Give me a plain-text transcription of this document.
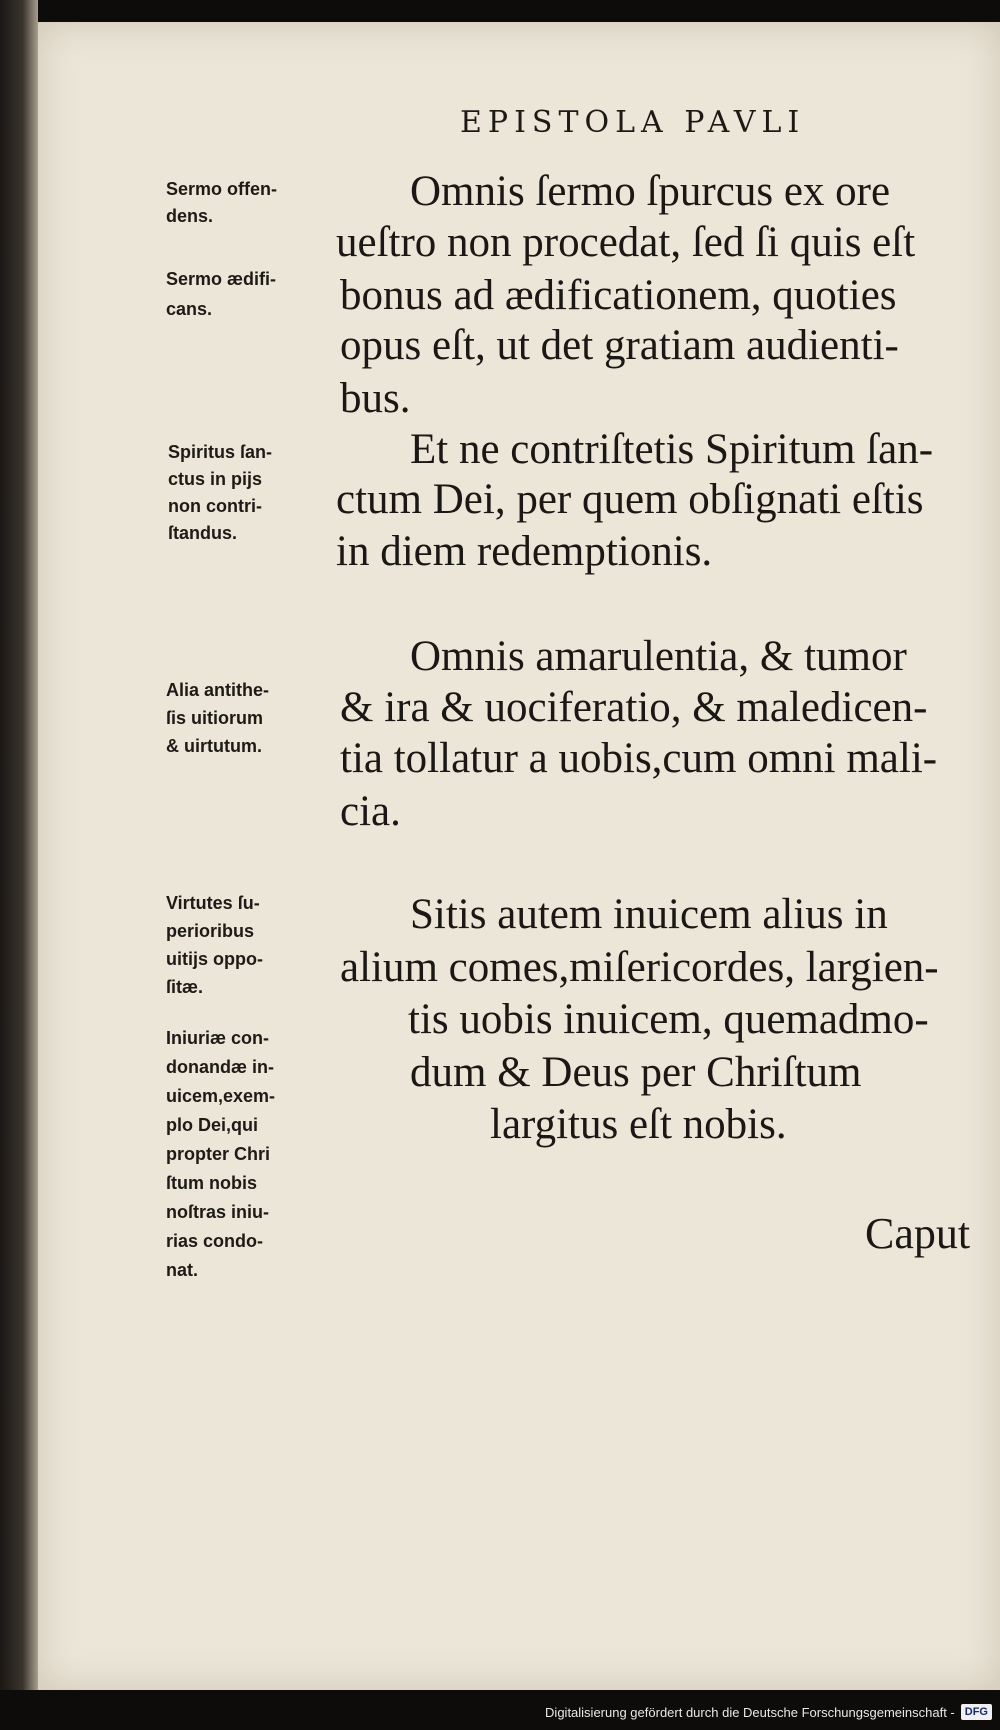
EPISTOLA PAVLI
Omnis ſermo ſpurcus ex ore
ueſtro non procedat, ſed ſi quis eſt
bonus ad ædificationem, quoties
opus eſt, ut det gratiam audienti-
bus.
Et ne contriſtetis Spiritum ſan-
ctum Dei, per quem obſignati eſtis
in diem redemptionis.
Omnis amarulentia, & tumor
& ira & uociferatio, & maledicen-
tia tollatur a uobis,cum omni mali-
cia.
Sitis autem inuicem alius in
alium comes,miſericordes, largien-
tis uobis inuicem, quemadmo-
dum & Deus per Chriſtum
largitus eſt nobis.
Caput
Sermo offen-
dens.
Sermo ædifi-
cans.
Spiritus ſan-
ctus in pijs
non contri-
ſtandus.
Alia antithe-
ſis uitiorum
& uirtutum.
Virtutes ſu-
perioribus
uitijs oppo-
ſitæ.
Iniuriæ con-
donandæ in-
uicem,exem-
plo Dei,qui
propter Chri
ſtum nobis
noſtras iniu-
rias condo-
nat.
Digitalisierung gefördert durch die Deutsche Forschungsgemeinschaft - DFG
